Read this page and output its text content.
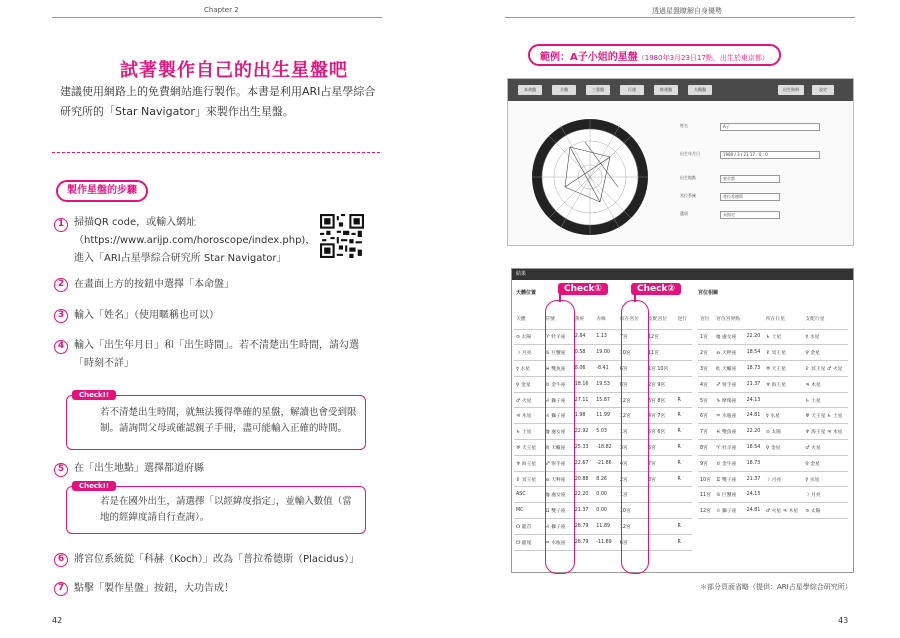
Chapter 2
試著製作自己的出生星盤吧
建議使用網路上的免費網站進行製作。本書是利用ARI占星學綜合研究所的「Star Navigator」來製作出生星盤。
製作星盤的步驟
1 掃描QR code，或輸入網址（https://www.arijp.com/horoscope/index.php)，進入「ARI占星學綜合研究所 Star Navigator」
2 在畫面上方的按鈕中選擇「本命盤」
3 輸入「姓名」（使用暱稱也可以）
4 輸入「出生年月日」和「出生時間」。若不清楚出生時間，請勾選「時刻不詳」
Check!!
若不清楚出生時間，就無法獲得準確的星盤，解讀也會受到限制。請詢問父母或確認親子手冊，盡可能輸入正確的時間。
5 在「出生地點」選擇都道府縣
Check!!
若是在國外出生，請選擇「以經緯度指定」，並輸入數值（當地的經緯度請自行查詢）。
6 將宮位系統從「科赫（Koch）」改為「普拉希德斯（Placidus）」
7 點擊「製作星盤」按鈕，大功告成！
42
透過星盤瞭解自身優勢
範例：A子小姐的星盤（1980年3月23日17點，出生於東京都）
本命盤	合盤	三重盤	行運	推運盤	太陽盤	出生資料	設定
姓名	A子
出生年月日	1980 / 3 / 23 17 : 0 : 0
出生地點	東京都
宮位系統	普拉希德斯
選項	未指定
結果
天體位置	宮位相關
天體	符號	黃經	赤緯	所在宮位	支配宮位	逆行
⊙ 太陽	♈ 牡羊座	2.84	1.13	7宮	12宮	
☽ 月亮	♋ 巨蟹座	0.58	19.00	10宮	11宮	
☿ 水星	♓ 雙魚座	8.06	-8.41	6宮	1宮 10宮	
♀ 金星	♉ 金牛座	18.16	19.53	8宮	2宮 9宮	
♂ 火星	♌ 獅子座	27.11	15.87	12宮	3宮 8宮	R
♃ 木星	♌ 獅子座	1.98	11.99	12宮	4宮 7宮	R
♄ 土星	♍ 處女座	22.92	5.03	1宮	5宮 6宮	R
♅ 天王星	♏ 天蠍座	25.33	-18.82	3宮	6宮	R
♆ 海王星	♐ 射手座	22.67	-21.86	4宮	7宮	R
♇ 冥王星	♎ 天秤座	20.88	8.26	2宮	3宮	R
ASC	♍ 處女座	22.20	0.00	1宮		
MC	♊ 雙子座	21.37	0.00	10宮		
☊ 龍首	♌ 獅子座	28.79	11.89	12宮		R
☋ 龍尾	♒ 水瓶座	28.79	-11.89	6宮		R
宮位	宮位宮界點		所在行星	支配行星
1宮	♍ 處女座	22.20	♄ 土星	☿ 水星
2宮	♎ 天秤座	18.54	♇ 冥王星	♀ 金星
3宮	♏ 天蠍座	18.73	♅ 天王星	♇ 冥王星 ♂ 火星
4宮	♐ 射手座	21.37	♆ 海王星	♃ 木星
5宮	♑ 摩羯座	24.13		♄ 土星
6宮	♒ 水瓶座	24.81	☿ 水星	♅ 天王星 ♄ 土星
7宮	♓ 雙魚座	22.20	⊙ 太陽	♆ 海王星 ♃ 木星
8宮	♈ 牡羊座	18.54	♀ 金星	♂ 火星
9宮	♉ 金牛座	18.73		♀ 金星
10宮	♊ 雙子座	21.37	☽ 月亮	☿ 水星
11宮	♋ 巨蟹座	24.13		☽ 月亮
12宮	♌ 獅子座	24.81	♂ 火星 ♃ 木星	⊙ 太陽
Check①	Check②
＊部分頁面省略（提供：ARI占星學綜合研究所）
43
